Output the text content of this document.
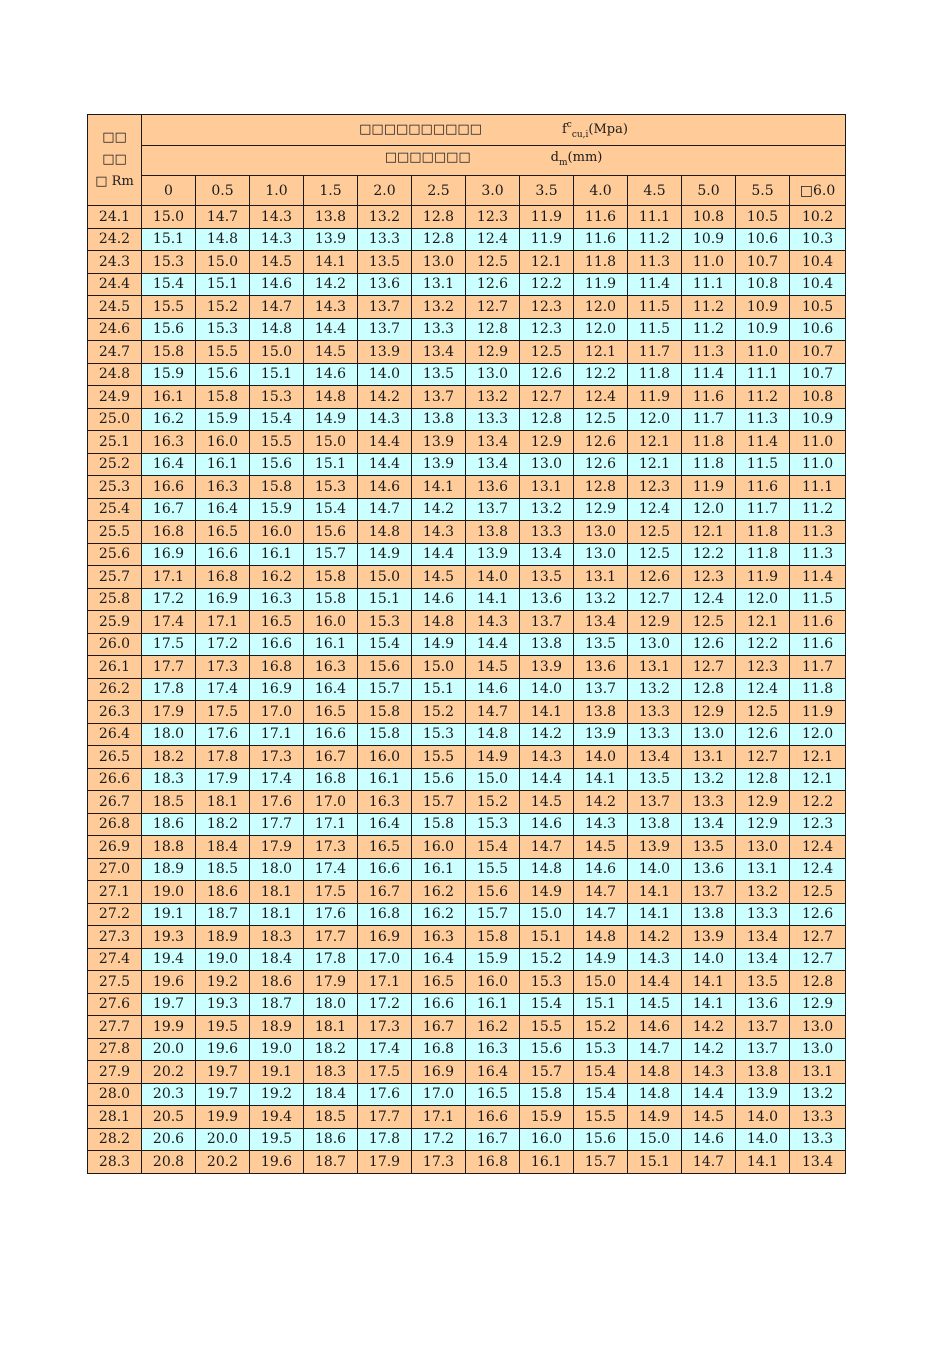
□□
□□
□ Rm	□□□□□□□□□□ $f^c_{cu,i}(Mpa)$												
	□□□□□□□ $d_m(mm)$												
	0	0.5	1.0	1.5	2.0	2.5	3.0	3.5	4.0	4.5	5.0	5.5	□6.0
24.1	15.0	14.7	14.3	13.8	13.2	12.8	12.3	11.9	11.6	11.1	10.8	10.5	10.2
24.2	15.1	14.8	14.3	13.9	13.3	12.8	12.4	11.9	11.6	11.2	10.9	10.6	10.3
24.3	15.3	15.0	14.5	14.1	13.5	13.0	12.5	12.1	11.8	11.3	11.0	10.7	10.4
24.4	15.4	15.1	14.6	14.2	13.6	13.1	12.6	12.2	11.9	11.4	11.1	10.8	10.4
24.5	15.5	15.2	14.7	14.3	13.7	13.2	12.7	12.3	12.0	11.5	11.2	10.9	10.5
24.6	15.6	15.3	14.8	14.4	13.7	13.3	12.8	12.3	12.0	11.5	11.2	10.9	10.6
24.7	15.8	15.5	15.0	14.5	13.9	13.4	12.9	12.5	12.1	11.7	11.3	11.0	10.7
24.8	15.9	15.6	15.1	14.6	14.0	13.5	13.0	12.6	12.2	11.8	11.4	11.1	10.7
24.9	16.1	15.8	15.3	14.8	14.2	13.7	13.2	12.7	12.4	11.9	11.6	11.2	10.8
25.0	16.2	15.9	15.4	14.9	14.3	13.8	13.3	12.8	12.5	12.0	11.7	11.3	10.9
25.1	16.3	16.0	15.5	15.0	14.4	13.9	13.4	12.9	12.6	12.1	11.8	11.4	11.0
25.2	16.4	16.1	15.6	15.1	14.4	13.9	13.4	13.0	12.6	12.1	11.8	11.5	11.0
25.3	16.6	16.3	15.8	15.3	14.6	14.1	13.6	13.1	12.8	12.3	11.9	11.6	11.1
25.4	16.7	16.4	15.9	15.4	14.7	14.2	13.7	13.2	12.9	12.4	12.0	11.7	11.2
25.5	16.8	16.5	16.0	15.6	14.8	14.3	13.8	13.3	13.0	12.5	12.1	11.8	11.3
25.6	16.9	16.6	16.1	15.7	14.9	14.4	13.9	13.4	13.0	12.5	12.2	11.8	11.3
25.7	17.1	16.8	16.2	15.8	15.0	14.5	14.0	13.5	13.1	12.6	12.3	11.9	11.4
25.8	17.2	16.9	16.3	15.8	15.1	14.6	14.1	13.6	13.2	12.7	12.4	12.0	11.5
25.9	17.4	17.1	16.5	16.0	15.3	14.8	14.3	13.7	13.4	12.9	12.5	12.1	11.6
26.0	17.5	17.2	16.6	16.1	15.4	14.9	14.4	13.8	13.5	13.0	12.6	12.2	11.6
26.1	17.7	17.3	16.8	16.3	15.6	15.0	14.5	13.9	13.6	13.1	12.7	12.3	11.7
26.2	17.8	17.4	16.9	16.4	15.7	15.1	14.6	14.0	13.7	13.2	12.8	12.4	11.8
26.3	17.9	17.5	17.0	16.5	15.8	15.2	14.7	14.1	13.8	13.3	12.9	12.5	11.9
26.4	18.0	17.6	17.1	16.6	15.8	15.3	14.8	14.2	13.9	13.3	13.0	12.6	12.0
26.5	18.2	17.8	17.3	16.7	16.0	15.5	14.9	14.3	14.0	13.4	13.1	12.7	12.1
26.6	18.3	17.9	17.4	16.8	16.1	15.6	15.0	14.4	14.1	13.5	13.2	12.8	12.1
26.7	18.5	18.1	17.6	17.0	16.3	15.7	15.2	14.5	14.2	13.7	13.3	12.9	12.2
26.8	18.6	18.2	17.7	17.1	16.4	15.8	15.3	14.6	14.3	13.8	13.4	12.9	12.3
26.9	18.8	18.4	17.9	17.3	16.5	16.0	15.4	14.7	14.5	13.9	13.5	13.0	12.4
27.0	18.9	18.5	18.0	17.4	16.6	16.1	15.5	14.8	14.6	14.0	13.6	13.1	12.4
27.1	19.0	18.6	18.1	17.5	16.7	16.2	15.6	14.9	14.7	14.1	13.7	13.2	12.5
27.2	19.1	18.7	18.1	17.6	16.8	16.2	15.7	15.0	14.7	14.1	13.8	13.3	12.6
27.3	19.3	18.9	18.3	17.7	16.9	16.3	15.8	15.1	14.8	14.2	13.9	13.4	12.7
27.4	19.4	19.0	18.4	17.8	17.0	16.4	15.9	15.2	14.9	14.3	14.0	13.4	12.7
27.5	19.6	19.2	18.6	17.9	17.1	16.5	16.0	15.3	15.0	14.4	14.1	13.5	12.8
27.6	19.7	19.3	18.7	18.0	17.2	16.6	16.1	15.4	15.1	14.5	14.1	13.6	12.9
27.7	19.9	19.5	18.9	18.1	17.3	16.7	16.2	15.5	15.2	14.6	14.2	13.7	13.0
27.8	20.0	19.6	19.0	18.2	17.4	16.8	16.3	15.6	15.3	14.7	14.2	13.7	13.0
27.9	20.2	19.7	19.1	18.3	17.5	16.9	16.4	15.7	15.4	14.8	14.3	13.8	13.1
28.0	20.3	19.7	19.2	18.4	17.6	17.0	16.5	15.8	15.4	14.8	14.4	13.9	13.2
28.1	20.5	19.9	19.4	18.5	17.7	17.1	16.6	15.9	15.5	14.9	14.5	14.0	13.3
28.2	20.6	20.0	19.5	18.6	17.8	17.2	16.7	16.0	15.6	15.0	14.6	14.0	13.3
28.3	20.8	20.2	19.6	18.7	17.9	17.3	16.8	16.1	15.7	15.1	14.7	14.1	13.4
